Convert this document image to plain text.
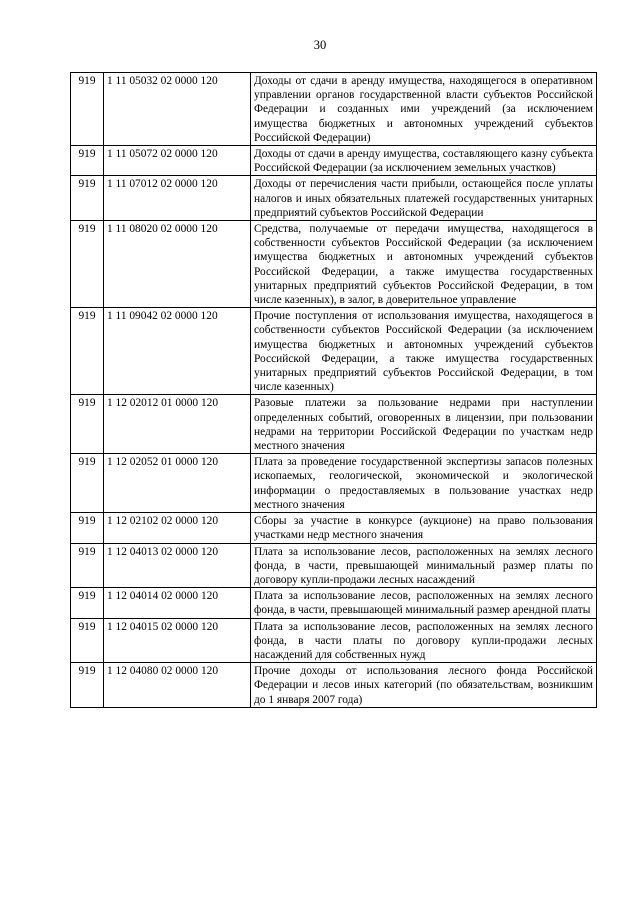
30
919	1 11 05032 02 0000 120	Доходы от сдачи в аренду имущества, находящегося в оперативном управлении органов государственной власти субъектов Российской Федерации и созданных ими учреждений (за исключением имущества бюджетных и автономных учреждений субъектов Российской Федерации)
919	1 11 05072 02 0000 120	Доходы от сдачи в аренду имущества, составляющего казну субъекта Российской Федерации (за исключением земельных участков)
919	1 11 07012 02 0000 120	Доходы от перечисления части прибыли, остающейся после уплаты налогов и иных обязательных платежей государственных унитарных предприятий субъектов Российской Федерации
919	1 11 08020 02 0000 120	Средства, получаемые от передачи имущества, находящегося в собственности субъектов Российской Федерации (за исключением имущества бюджетных и автономных учреждений субъектов Российской Федерации, а также имущества государственных унитарных предприятий субъектов Российской Федерации, в том числе казенных), в залог, в доверительное управление
919	1 11 09042 02 0000 120	Прочие поступления от использования имущества, находящегося в собственности субъектов Российской Федерации (за исключением имущества бюджетных и автономных учреждений субъектов Российской Федерации, а также имущества государственных унитарных предприятий субъектов Российской Федерации, в том числе казенных)
919	1 12 02012 01 0000 120	Разовые платежи за пользование недрами при наступлении определенных событий, оговоренных в лицензии, при пользовании недрами на территории Российской Федерации по участкам недр местного значения
919	1 12 02052 01 0000 120	Плата за проведение государственной экспертизы запасов полезных ископаемых, геологической, экономической и экологической информации о предоставляемых в пользование участках недр местного значения
919	1 12 02102 02 0000 120	Сборы за участие в конкурсе (аукционе) на право пользования участками недр местного значения
919	1 12 04013 02 0000 120	Плата за использование лесов, расположенных на землях лесного фонда, в части, превышающей минимальный размер платы по договору купли-продажи лесных насаждений
919	1 12 04014 02 0000 120	Плата за использование лесов, расположенных на землях лесного фонда, в части, превышающей минимальный размер арендной платы
919	1 12 04015 02 0000 120	Плата за использование лесов, расположенных на землях лесного фонда, в части платы по договору купли-продажи лесных насаждений для собственных нужд
919	1 12 04080 02 0000 120	Прочие доходы от использования лесного фонда Российской Федерации и лесов иных категорий (по обязательствам, возникшим до 1 января 2007 года)
